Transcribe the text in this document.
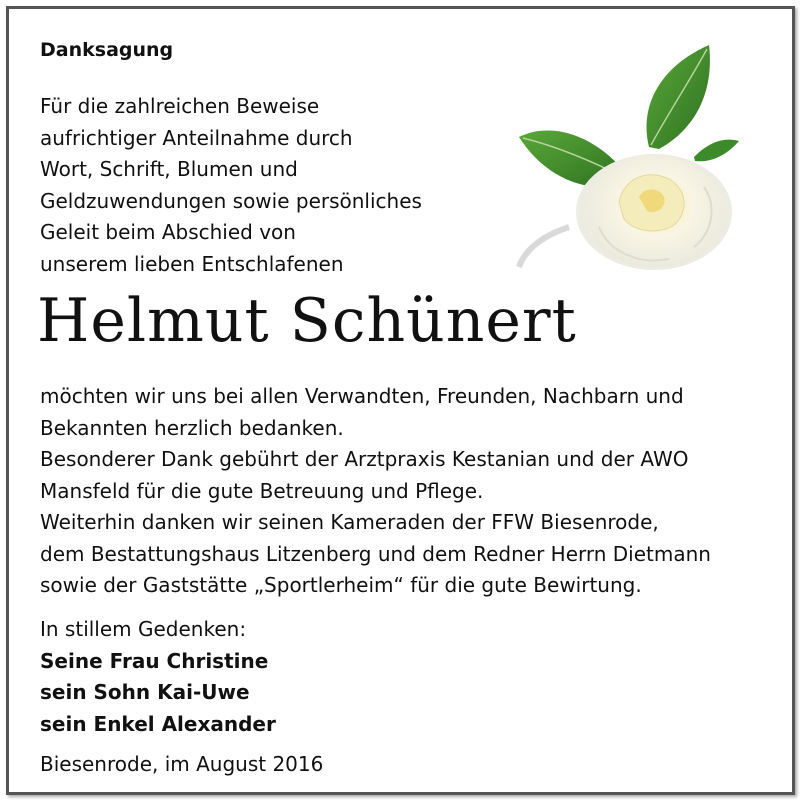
Danksagung
Für die zahlreichen Beweise
aufrichtiger Anteilnahme durch
Wort, Schrift, Blumen und
Geldzuwendungen sowie persönliches
Geleit beim Abschied von
unserem lieben Entschlafenen
Helmut Schünert
möchten wir uns bei allen Verwandten, Freunden, Nachbarn und
Bekannten herzlich bedanken.
Besonderer Dank gebührt der Arztpraxis Kestanian und der AWO
Mansfeld für die gute Betreuung und Pflege.
Weiterhin danken wir seinen Kameraden der FFW Biesenrode,
dem Bestattungshaus Litzenberg und dem Redner Herrn Dietmann
sowie der Gaststätte „Sportlerheim“ für die gute Bewirtung.
In stillem Gedenken:
Seine Frau Christine
sein Sohn Kai-Uwe
sein Enkel Alexander
Biesenrode, im August 2016
